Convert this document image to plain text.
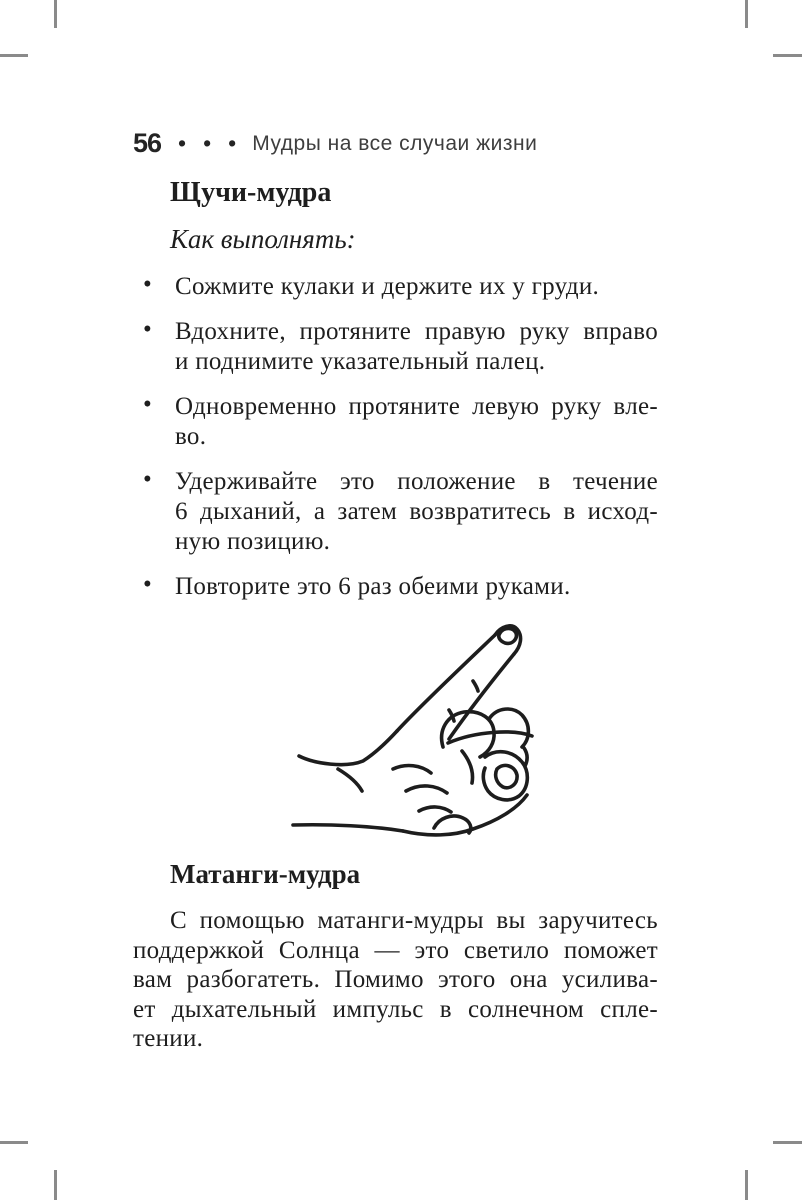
56 • • • Мудры на все случаи жизни
Щучи-мудра
Как выполнять:
• Сожмите кулаки и держите их у груди.
• Вдохните, протяните правую руку вправо
и поднимите указательный палец.
• Одновременно протяните левую руку вле-
во.
• Удерживайте это положение в течение
6 дыханий, а затем возвратитесь в исход-
ную позицию.
• Повторите это 6 раз обеими руками.
Матанги-мудра
С помощью матанги-мудры вы заручитесь
поддержкой Солнца — это светило поможет
вам разбогатеть. Помимо этого она усилива-
ет дыхательный импульс в солнечном спле-
тении.
